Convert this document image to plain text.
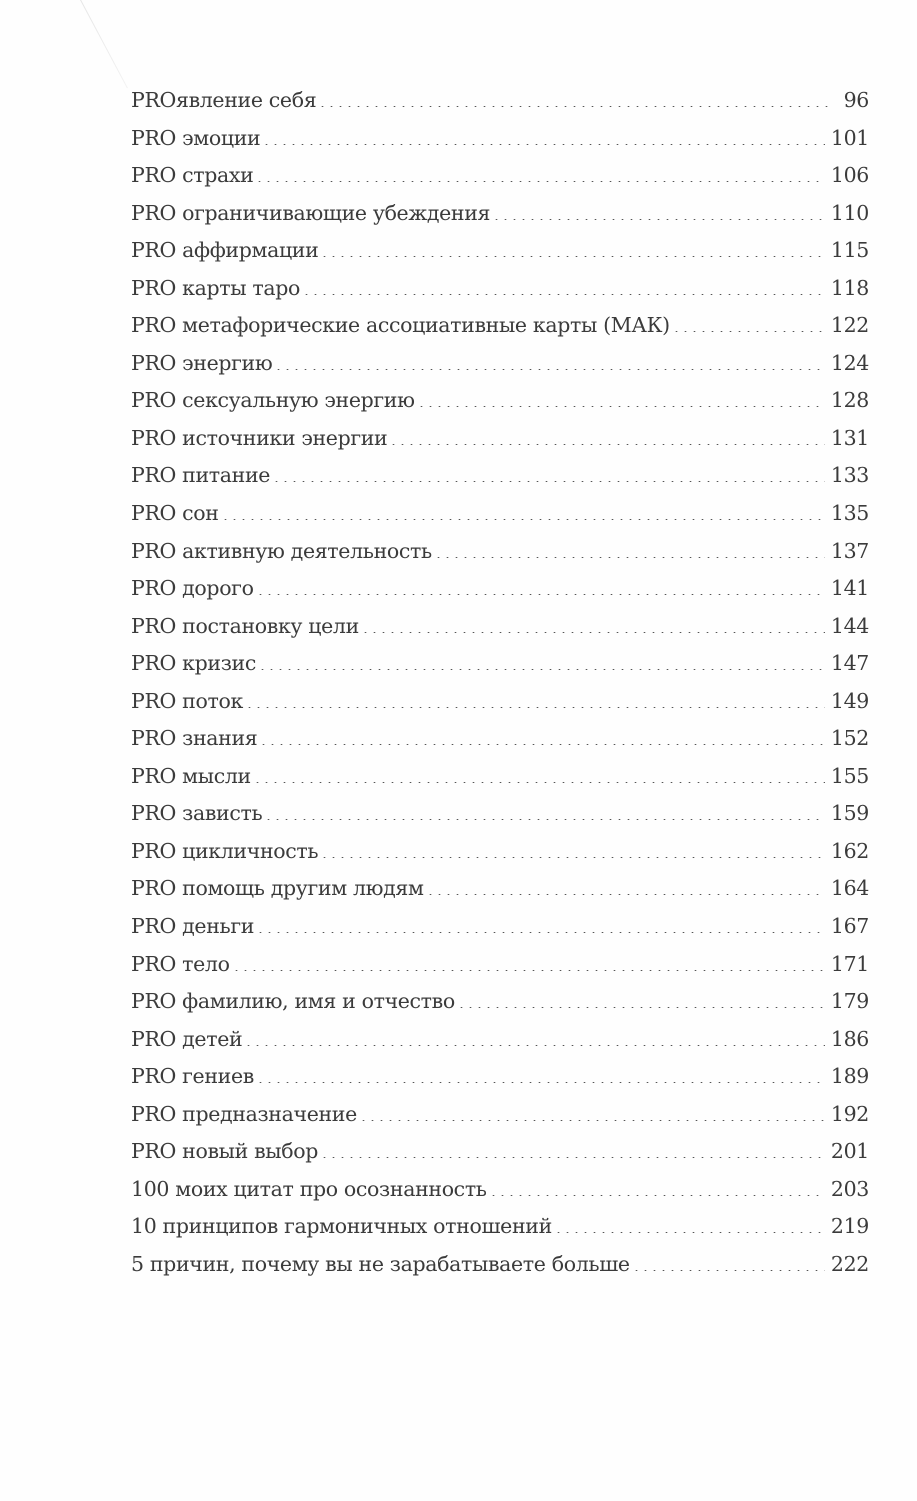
PROявление себя	96
PRO эмоции	101
PRO страхи	106
PRO ограничивающие убеждения	110
PRO аффирмации	115
PRO карты таро	118
PRO метафорические ассоциативные карты (МАК)	122
PRO энергию	124
PRO сексуальную энергию	128
PRO источники энергии	131
PRO питание	133
PRO сон	135
PRO активную деятельность	137
PRO дорого	141
PRO постановку цели	144
PRO кризис	147
PRO поток	149
PRO знания	152
PRO мысли	155
PRO зависть	159
PRO цикличность	162
PRO помощь другим людям	164
PRO деньги	167
PRO тело	171
PRO фамилию, имя и отчество	179
PRO детей	186
PRO гениев	189
PRO предназначение	192
PRO новый выбор	201
100 моих цитат про осознанность	203
10 принципов гармоничных отношений	219
5 причин, почему вы не зарабатываете больше	222
